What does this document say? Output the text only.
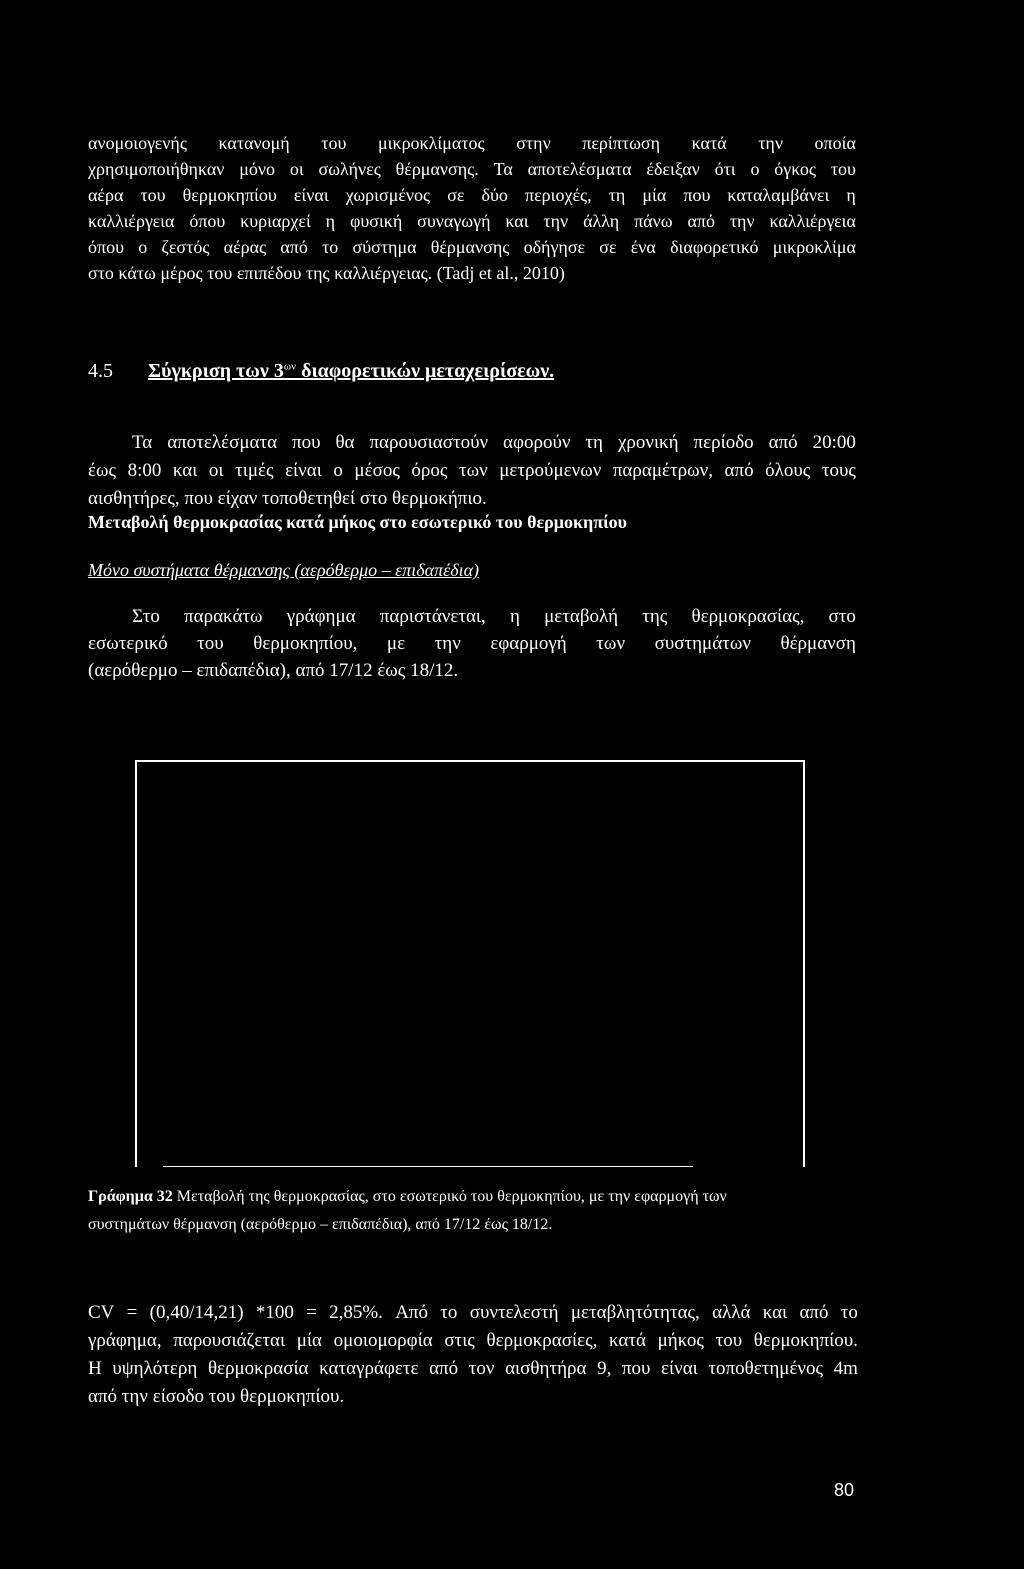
ανομοιογενής κατανομή του μικροκλίματος στην περίπτωση κατά την οποία
χρησιμοποιήθηκαν μόνο οι σωλήνες θέρμανσης. Τα αποτελέσματα έδειξαν ότι ο όγκος του
αέρα του θερμοκηπίου είναι χωρισμένος σε δύο περιοχές, τη μία που καταλαμβάνει η
καλλιέργεια όπου κυριαρχεί η φυσική συναγωγή και την άλλη πάνω από την καλλιέργεια
όπου ο ζεστός αέρας από το σύστημα θέρμανσης οδήγησε σε ένα διαφορετικό μικροκλίμα
στο κάτω μέρος του επιπέδου της καλλιέργειας. (Tadj et al., 2010)
4.5 Σύγκριση των $3^{\omega\nu}$ διαφορετικών μεταχειρίσεων.
Τα αποτελέσματα που θα παρουσιαστούν αφορούν τη χρονική περίοδο από 20:00
έως 8:00 και οι τιμές είναι ο μέσος όρος των μετρούμενων παραμέτρων, από όλους τους
αισθητήρες, που είχαν τοποθετηθεί στο θερμοκήπιο.
Μεταβολή θερμοκρασίας κατά μήκος στο εσωτερικό του θερμοκηπίου
Μόνο συστήματα θέρμανσης (αερόθερμο – επιδαπέδια)
Στο παρακάτω γράφημα παριστάνεται, η μεταβολή της θερμοκρασίας, στο
εσωτερικό του θερμοκηπίου, με την εφαρμογή των συστημάτων θέρμανση
(αερόθερμο – επιδαπέδια), από 17/12 έως 18/12.
Γράφημα 32 Μεταβολή της θερμοκρασίας, στο εσωτερικό του θερμοκηπίου, με την εφαρμογή των
συστημάτων θέρμανση (αερόθερμο – επιδαπέδια), από 17/12 έως 18/12.
CV = (0,40/14,21) *100 = 2,85%. Από το συντελεστή μεταβλητότητας, αλλά και από το
γράφημα, παρουσιάζεται μία ομοιομορφία στις θερμοκρασίες, κατά μήκος του θερμοκηπίου.
Η υψηλότερη θερμοκρασία καταγράφετε από τον αισθητήρα 9, που είναι τοποθετημένος 4m
από την είσοδο του θερμοκηπίου.
80
